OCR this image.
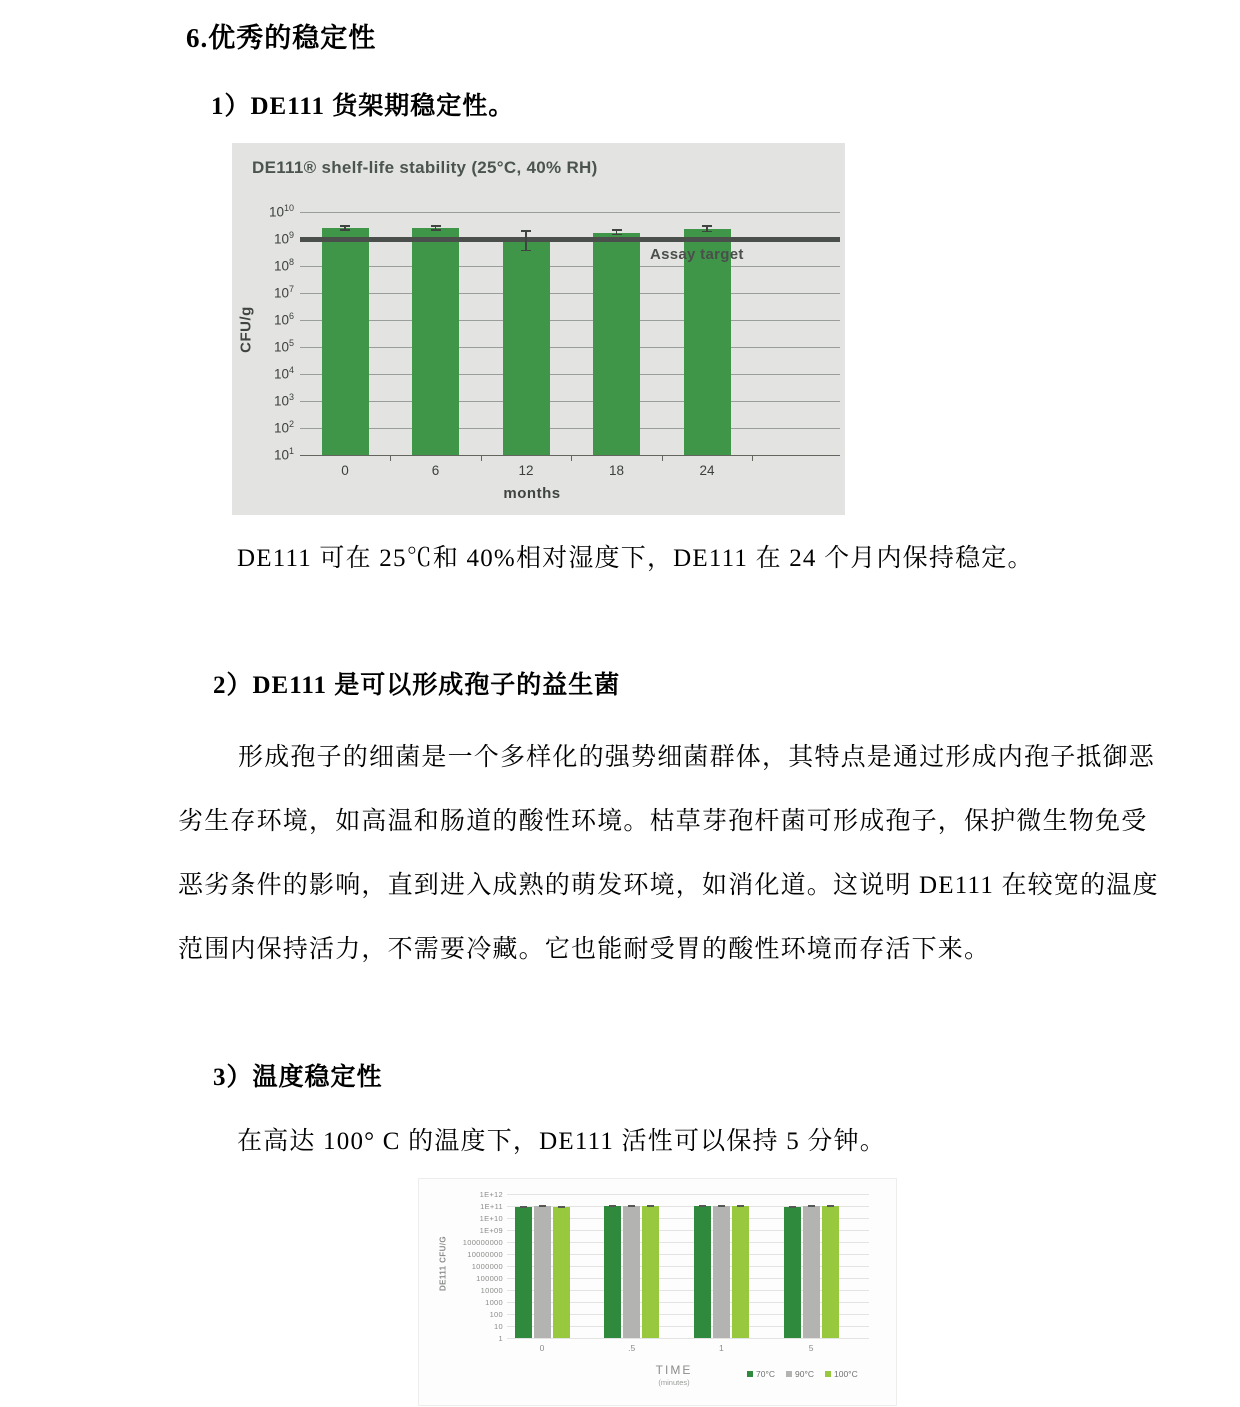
6.优秀的稳定性
1）DE111 货架期稳定性。
DE111® shelf-life stability (25°C, 40% RH)
CFU/g
months
$10^{10}$
$10^9$
$10^8$
$10^7$
$10^6$
$10^5$
$10^4$
$10^3$
$10^2$
$10^1$
Assay target
0	6	12	18	24
DE111 可在 25℃和 40%相对湿度下，DE111 在 24 个月内保持稳定。
2）DE111 是可以形成孢子的益生菌
形成孢子的细菌是一个多样化的强势细菌群体，其特点是通过形成内孢子抵御恶
劣生存环境，如高温和肠道的酸性环境。枯草芽孢杆菌可形成孢子，保护微生物免受
恶劣条件的影响，直到进入成熟的萌发环境，如消化道。这说明 DE111 在较宽的温度
范围内保持活力，不需要冷藏。它也能耐受胃的酸性环境而存活下来。
3）温度稳定性
在高达 100° C 的温度下，DE111 活性可以保持 5 分钟。
DE111 CFU/G
TIME
(minutes)
70°C 90°C 100°C
1E+12
1E+11
1E+10
1E+09
100000000
10000000
1000000
100000
10000
1000
100
10
1
0	.5	1	5
